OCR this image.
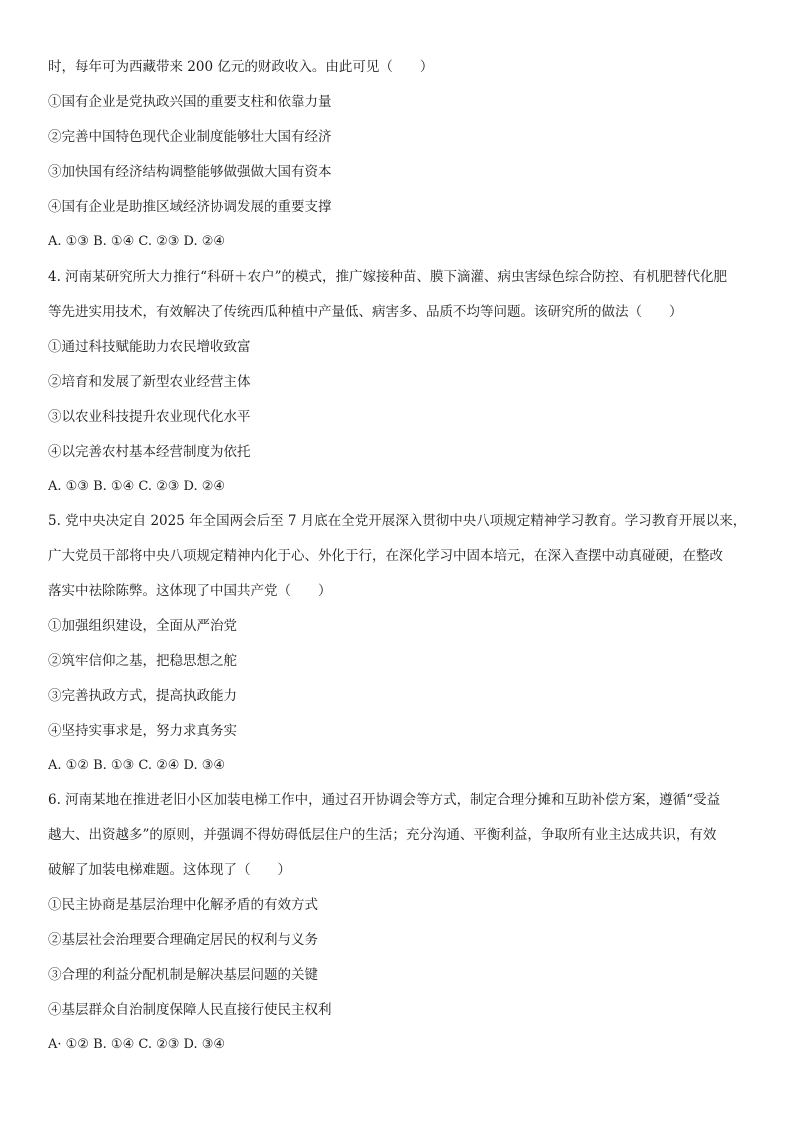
时，每年可为西藏带来 200 亿元的财政收入。由此可见（　　）
①国有企业是党执政兴国的重要支柱和依靠力量
②完善中国特色现代企业制度能够壮大国有经济
③加快国有经济结构调整能够做强做大国有资本
④国有企业是助推区域经济协调发展的重要支撑
A. ①③ B. ①④ C. ②③ D. ②④
4. 河南某研究所大力推行“科研＋农户”的模式，推广嫁接种苗、膜下滴灌、病虫害绿色综合防控、有机肥替代化肥
等先进实用技术，有效解决了传统西瓜种植中产量低、病害多、品质不均等问题。该研究所的做法（　　）
①通过科技赋能助力农民增收致富
②培育和发展了新型农业经营主体
③以农业科技提升农业现代化水平
④以完善农村基本经营制度为依托
A. ①③ B. ①④ C. ②③ D. ②④
5. 党中央决定自 2025 年全国两会后至 7 月底在全党开展深入贯彻中央八项规定精神学习教育。学习教育开展以来，
广大党员干部将中央八项规定精神内化于心、外化于行，在深化学习中固本培元，在深入查摆中动真碰硬，在整改
落实中祛除陈弊。这体现了中国共产党（　　）
①加强组织建设，全面从严治党
②筑牢信仰之基，把稳思想之舵
③完善执政方式，提高执政能力
④坚持实事求是，努力求真务实
A. ①② B. ①③ C. ②④ D. ③④
6. 河南某地在推进老旧小区加装电梯工作中，通过召开协调会等方式，制定合理分摊和互助补偿方案，遵循“受益
越大、出资越多”的原则，并强调不得妨碍低层住户的生活；充分沟通、平衡利益，争取所有业主达成共识，有效
破解了加装电梯难题。这体现了（　　）
①民主协商是基层治理中化解矛盾的有效方式
②基层社会治理要合理确定居民的权利与义务
③合理的利益分配机制是解决基层问题的关键
④基层群众自治制度保障人民直接行使民主权利
A· ①② B. ①④ C. ②③ D. ③④
